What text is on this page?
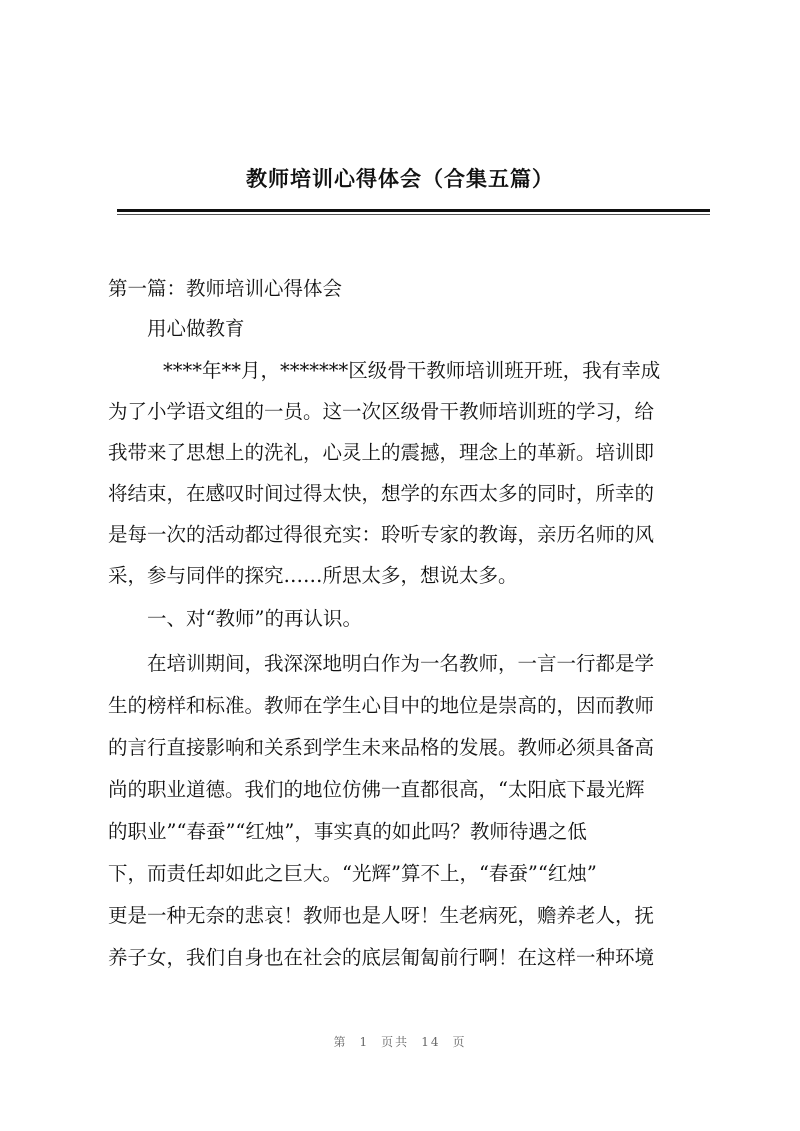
教师培训心得体会（合集五篇）
第一篇：教师培训心得体会
用心做教育
****年**月，*******区级骨干教师培训班开班，我有幸成
为了小学语文组的一员。这一次区级骨干教师培训班的学习，给
我带来了思想上的洗礼，心灵上的震撼，理念上的革新。培训即
将结束，在感叹时间过得太快，想学的东西太多的同时，所幸的
是每一次的活动都过得很充实：聆听专家的教诲，亲历名师的风
采，参与同伴的探究……所思太多，想说太多。
一、对“教师”的再认识。
在培训期间，我深深地明白作为一名教师，一言一行都是学
生的榜样和标准。教师在学生心目中的地位是崇高的，因而教师
的言行直接影响和关系到学生未来品格的发展。教师必须具备高
尚的职业道德。我们的地位仿佛一直都很高，“太阳底下最光辉
的职业”“春蚕”“红烛”，事实真的如此吗？教师待遇之低
下，而责任却如此之巨大。“光辉”算不上，“春蚕”“红烛”
更是一种无奈的悲哀！教师也是人呀！生老病死，赡养老人，抚
养子女，我们自身也在社会的底层匍匐前行啊！在这样一种环境
第 1 页共 14 页
